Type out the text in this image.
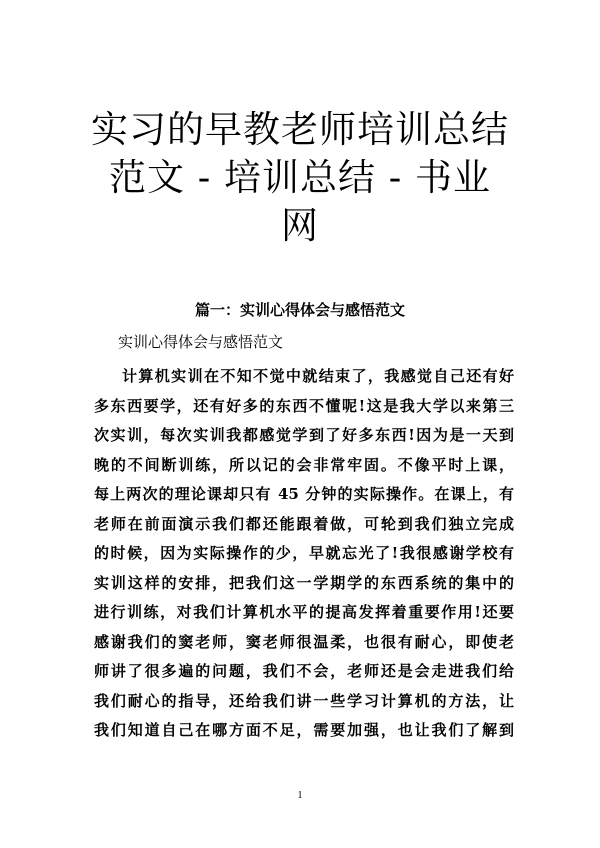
实习的早教老师培训总结范文 - 培训总结 - 书业网
篇一：实训心得体会与感悟范文
实训心得体会与感悟范文
计算机实训在不知不觉中就结束了，我感觉自己还有好
多东西要学，还有好多的东西不懂呢!这是我大学以来第三
次实训，每次实训我都感觉学到了好多东西!因为是一天到
晚的不间断训练，所以记的会非常牢固。不像平时上课，
每上两次的理论课却只有 45 分钟的实际操作。在课上，有
老师在前面演示我们都还能跟着做，可轮到我们独立完成
的时候，因为实际操作的少，早就忘光了!我很感谢学校有
实训这样的安排，把我们这一学期学的东西系统的集中的
进行训练，对我们计算机水平的提高发挥着重要作用!还要
感谢我们的窦老师，窦老师很温柔，也很有耐心，即使老
师讲了很多遍的问题，我们不会，老师还是会走进我们给
我们耐心的指导，还给我们讲一些学习计算机的方法，让
我们知道自己在哪方面不足，需要加强，也让我们了解到
1
